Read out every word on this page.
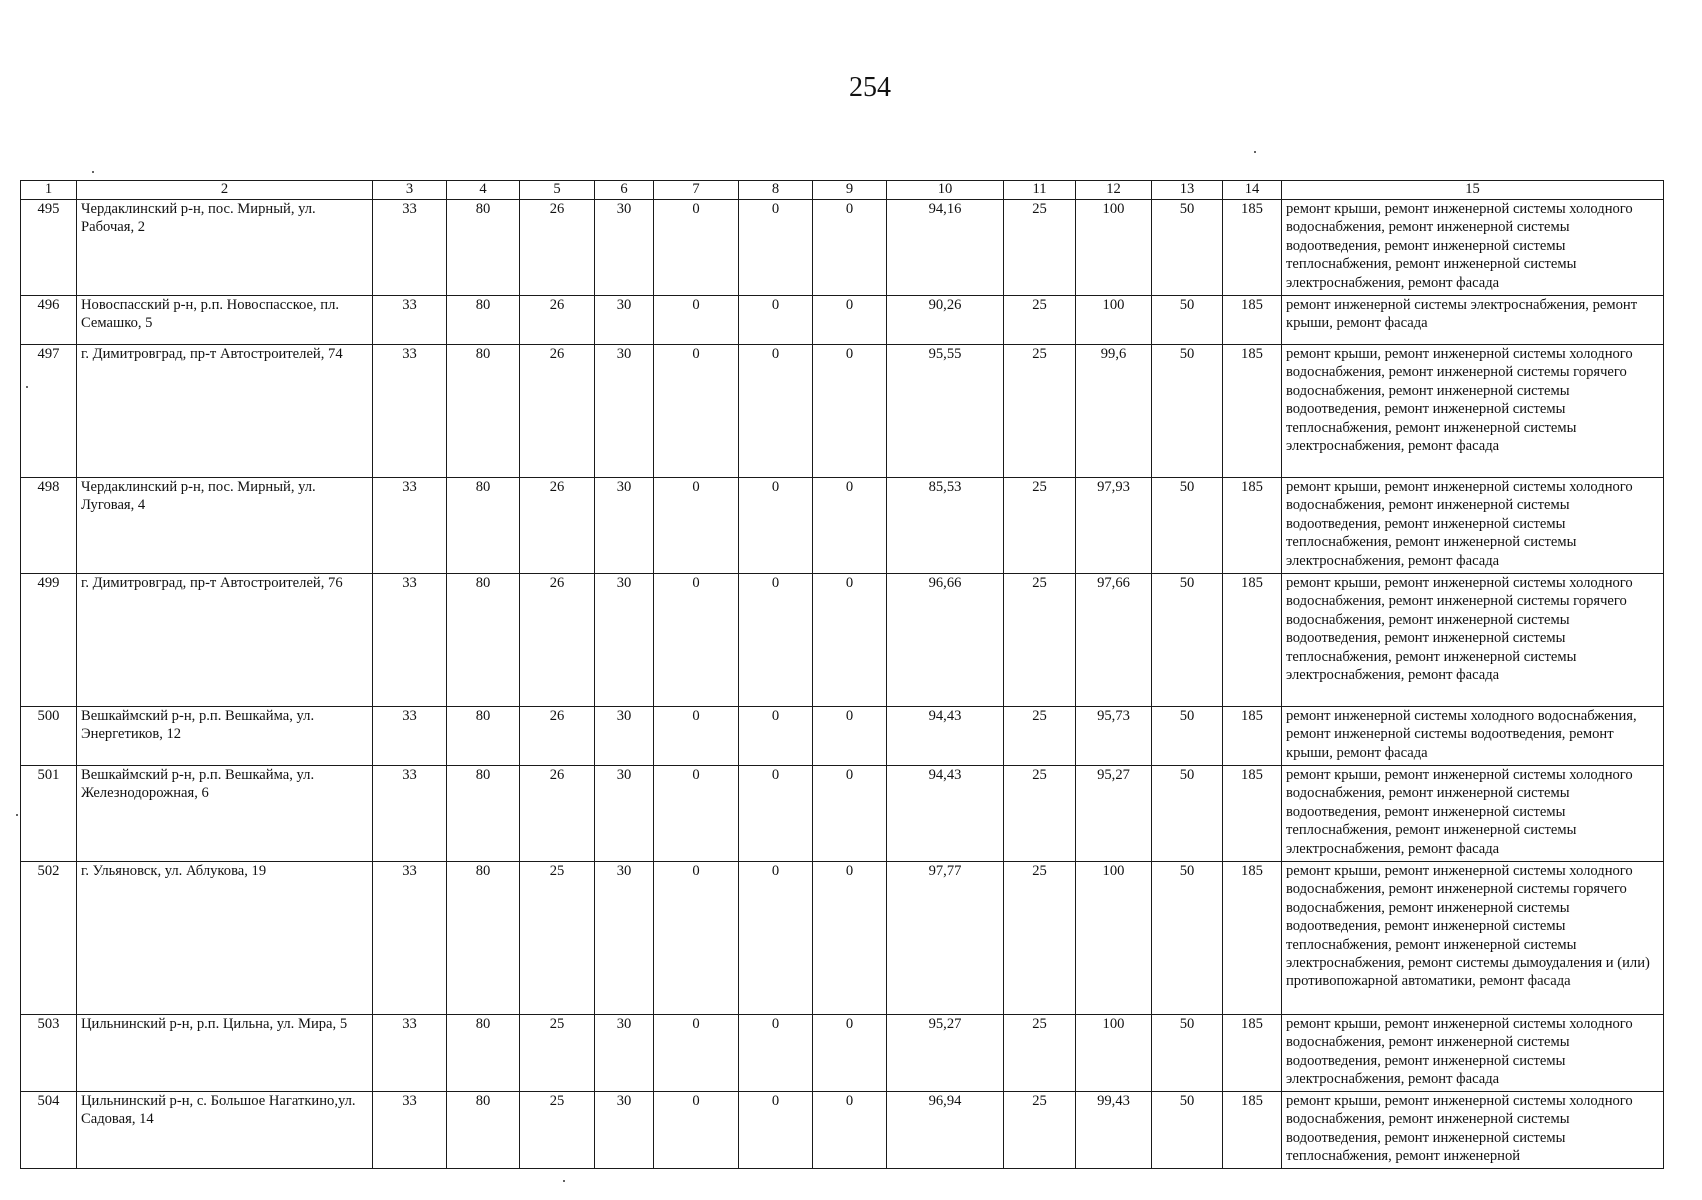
254
1	2	3	4	5	6	7	8	9	10	11	12	13	14	15
495	Чердаклинский р-н, пос. Мирный, ул. Рабочая, 2	33	80	26	30	0	0	0	94,16	25	100	50	185	ремонт крыши, ремонт инженерной системы холодного водоснабжения, ремонт инженерной системы водоотведения, ремонт инженерной системы теплоснабжения, ремонт инженерной системы электроснабжения, ремонт фасада
496	Новоспасский р-н, р.п. Новоспасское, пл. Семашко, 5	33	80	26	30	0	0	0	90,26	25	100	50	185	ремонт инженерной системы электроснабжения, ремонт крыши, ремонт фасада
497	г. Димитровград, пр-т Автостроителей, 74	33	80	26	30	0	0	0	95,55	25	99,6	50	185	ремонт крыши, ремонт инженерной системы холодного водоснабжения, ремонт инженерной системы горячего водоснабжения, ремонт инженерной системы водоотведения, ремонт инженерной системы теплоснабжения, ремонт инженерной системы электроснабжения, ремонт фасада
498	Чердаклинский р-н, пос. Мирный, ул. Луговая, 4	33	80	26	30	0	0	0	85,53	25	97,93	50	185	ремонт крыши, ремонт инженерной системы холодного водоснабжения, ремонт инженерной системы водоотведения, ремонт инженерной системы теплоснабжения, ремонт инженерной системы электроснабжения, ремонт фасада
499	г. Димитровград, пр-т Автостроителей, 76	33	80	26	30	0	0	0	96,66	25	97,66	50	185	ремонт крыши, ремонт инженерной системы холодного водоснабжения, ремонт инженерной системы горячего водоснабжения, ремонт инженерной системы водоотведения, ремонт инженерной системы теплоснабжения, ремонт инженерной системы электроснабжения, ремонт фасада
500	Вешкаймский р-н, р.п. Вешкайма, ул. Энергетиков, 12	33	80	26	30	0	0	0	94,43	25	95,73	50	185	ремонт инженерной системы холодного водоснабжения, ремонт инженерной системы водоотведения, ремонт крыши, ремонт фасада
501	Вешкаймский р-н, р.п. Вешкайма, ул. Железнодорожная, 6	33	80	26	30	0	0	0	94,43	25	95,27	50	185	ремонт крыши, ремонт инженерной системы холодного водоснабжения, ремонт инженерной системы водоотведения, ремонт инженерной системы теплоснабжения, ремонт инженерной системы электроснабжения, ремонт фасада
502	г. Ульяновск, ул. Аблукова, 19	33	80	25	30	0	0	0	97,77	25	100	50	185	ремонт крыши, ремонт инженерной системы холодного водоснабжения, ремонт инженерной системы горячего водоснабжения, ремонт инженерной системы водоотведения, ремонт инженерной системы теплоснабжения, ремонт инженерной системы электроснабжения, ремонт системы дымоудаления и (или) противопожарной автоматики, ремонт фасада
503	Цильнинский р-н, р.п. Цильна, ул. Мира, 5	33	80	25	30	0	0	0	95,27	25	100	50	185	ремонт крыши, ремонт инженерной системы холодного водоснабжения, ремонт инженерной системы водоотведения, ремонт инженерной системы электроснабжения, ремонт фасада
504	Цильнинский р-н, с. Большое Нагаткино,ул. Садовая, 14	33	80	25	30	0	0	0	96,94	25	99,43	50	185	ремонт крыши, ремонт инженерной системы холодного водоснабжения, ремонт инженерной системы водоотведения, ремонт инженерной системы теплоснабжения, ремонт инженерной
